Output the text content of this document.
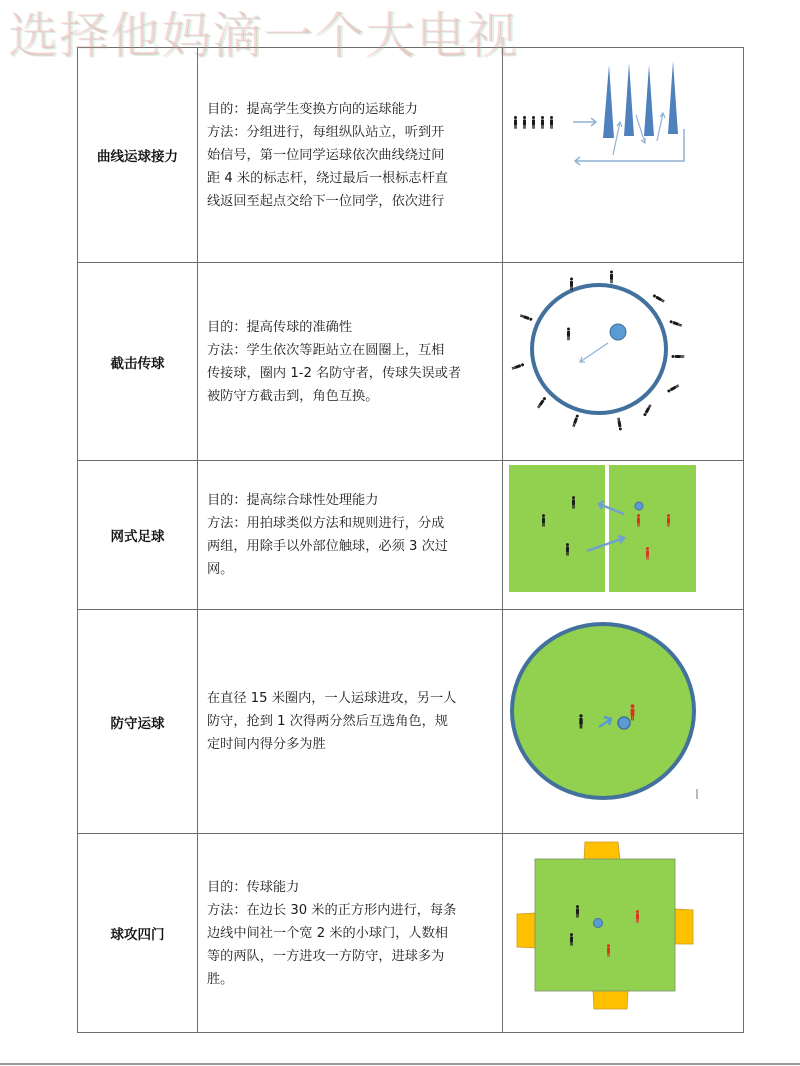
选择他妈滴一个大电视
曲线运球接力	目的：提高学生变换方向的运球能力
方法：分组进行，每组纵队站立，听到开
始信号，第一位同学运球依次曲线绕过间
距 4 米的标志杆，绕过最后一根标志杆直
线返回至起点交给下一位同学，依次进行

截击传球	目的：提高传球的准确性
方法：学生依次等距站立在圆圈上，互相
传接球，圈内 1-2 名防守者，传球失误或者
被防守方截击到，角色互换。

网式足球	目的：提高综合球性处理能力
方法：用拍球类似方法和规则进行，分成
两组，用除手以外部位触球，必须 3 次过
网。

防守运球	在直径 15 米圈内，一人运球进攻，另一人
防守，抢到 1 次得两分然后互选角色，规
定时间内得分多为胜

球攻四门	目的：传球能力
方法：在边长 30 米的正方形内进行，每条
边线中间社一个宽 2 米的小球门，人数相
等的两队，一方进攻一方防守，进球多为
胜。
